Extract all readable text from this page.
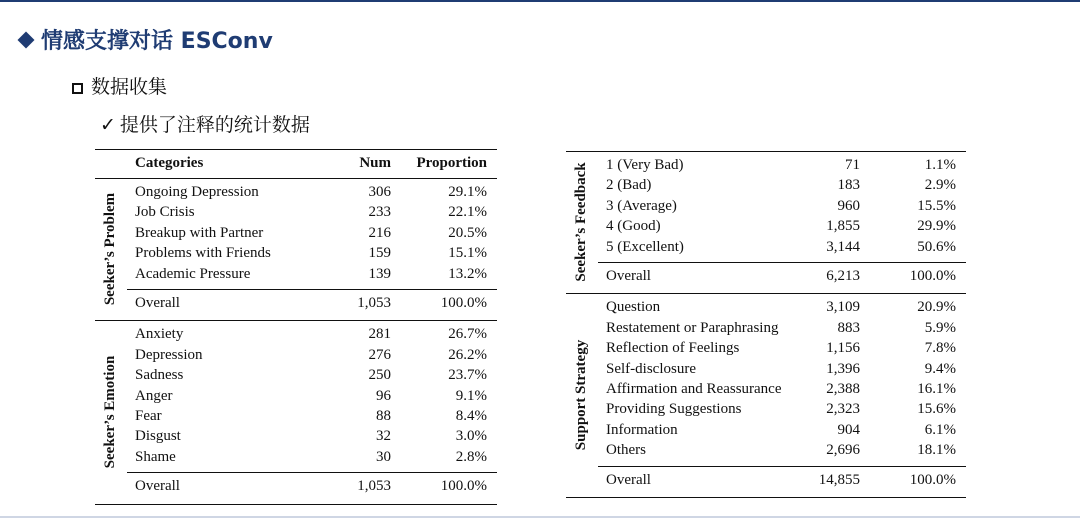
情感支撑对话 ESConv
数据收集
✓ 提供了注释的统计数据
Categories	Num	Proportion
Ongoing Depression	306	29.1%
Job Crisis	233	22.1%
Breakup with Partner	216	20.5%
Problems with Friends	159	15.1%
Academic Pressure	139	13.2%
Overall	1,053	100.0%
Seeker’s Problem
Anxiety	281	26.7%
Depression	276	26.2%
Sadness	250	23.7%
Anger	96	9.1%
Fear	88	8.4%
Disgust	32	3.0%
Shame	30	2.8%
Overall	1,053	100.0%
Seeker’s Emotion
1 (Very Bad)	71	1.1%
2 (Bad)	183	2.9%
3 (Average)	960	15.5%
4 (Good)	1,855	29.9%
5 (Excellent)	3,144	50.6%
Overall	6,213	100.0%
Seeker’s Feedback
Question	3,109	20.9%
Restatement or Paraphrasing	883	5.9%
Reflection of Feelings	1,156	7.8%
Self-disclosure	1,396	9.4%
Affirmation and Reassurance	2,388	16.1%
Providing Suggestions	2,323	15.6%
Information	904	6.1%
Others	2,696	18.1%
Overall	14,855	100.0%
Support Strategy
